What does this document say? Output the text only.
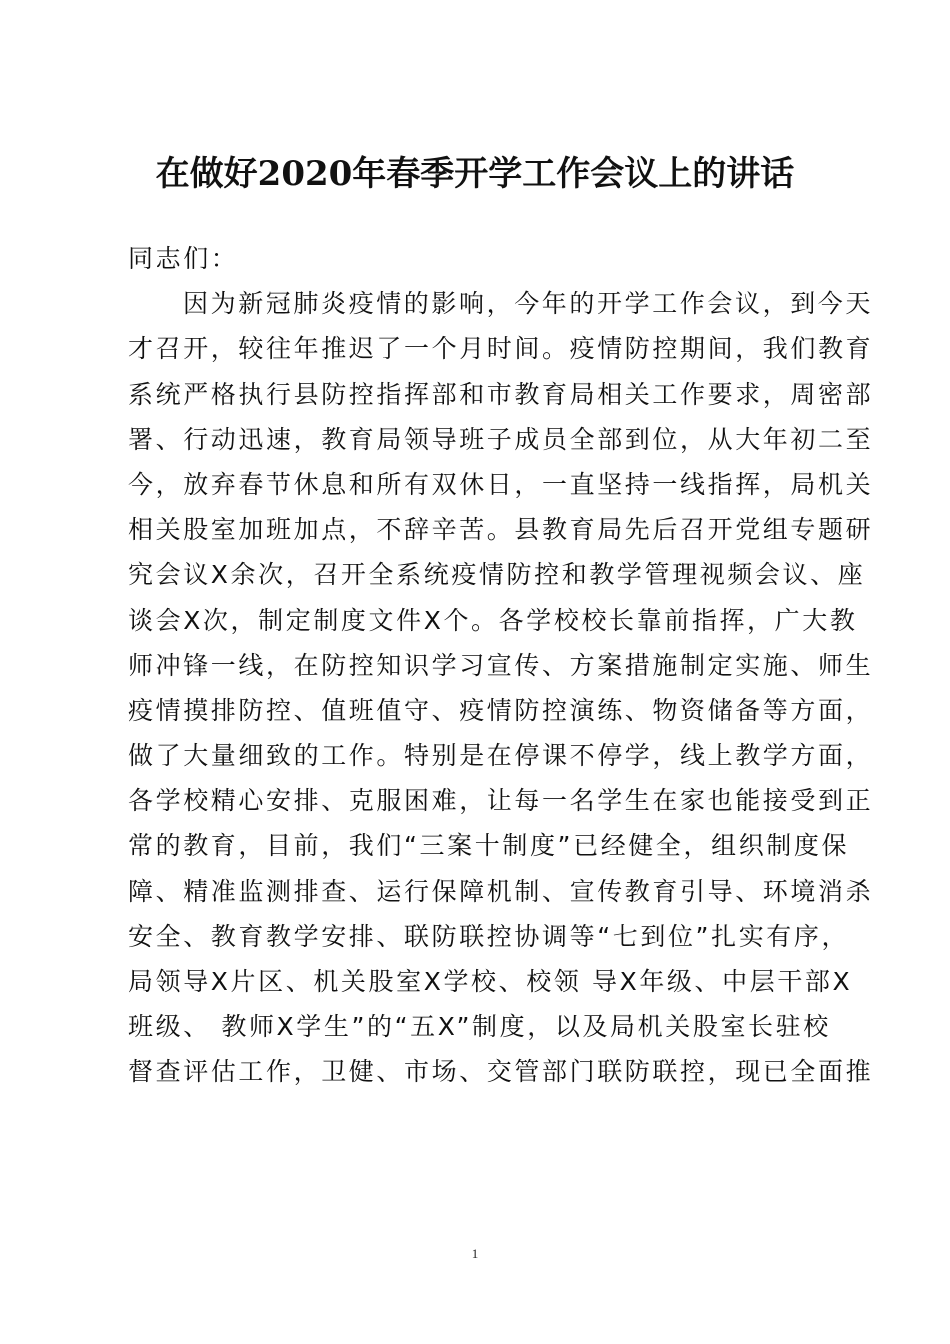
在做好2020年春季开学工作会议上的讲话
同志们：
因为新冠肺炎疫情的影响，今年的开学工作会议，到今天
才召开，较往年推迟了一个月时间。疫情防控期间，我们教育
系统严格执行县防控指挥部和市教育局相关工作要求，周密部
署、行动迅速，教育局领导班子成员全部到位，从大年初二至
今，放弃春节休息和所有双休日，一直坚持一线指挥，局机关
相关股室加班加点，不辞辛苦。县教育局先后召开党组专题研
究会议X余次，召开全系统疫情防控和教学管理视频会议、座
谈会X次，制定制度文件X个。各学校校长靠前指挥，广大教
师冲锋一线，在防控知识学习宣传、方案措施制定实施、师生
疫情摸排防控、值班值守、疫情防控演练、物资储备等方面，
做了大量细致的工作。特别是在停课不停学，线上教学方面，
各学校精心安排、克服困难，让每一名学生在家也能接受到正
常的教育，目前，我们“三案十制度”已经健全，组织制度保
障、精准监测排查、运行保障机制、宣传教育引导、环境消杀
安全、教育教学安排、联防联控协调等“七到位”扎实有序，
局领导X片区、机关股室X学校、校领 导X年级、中层干部X
班级、 教师X学生”的“五X”制度，以及局机关股室长驻校
督查评估工作，卫健、市场、交管部门联防联控，现已全面推
1
